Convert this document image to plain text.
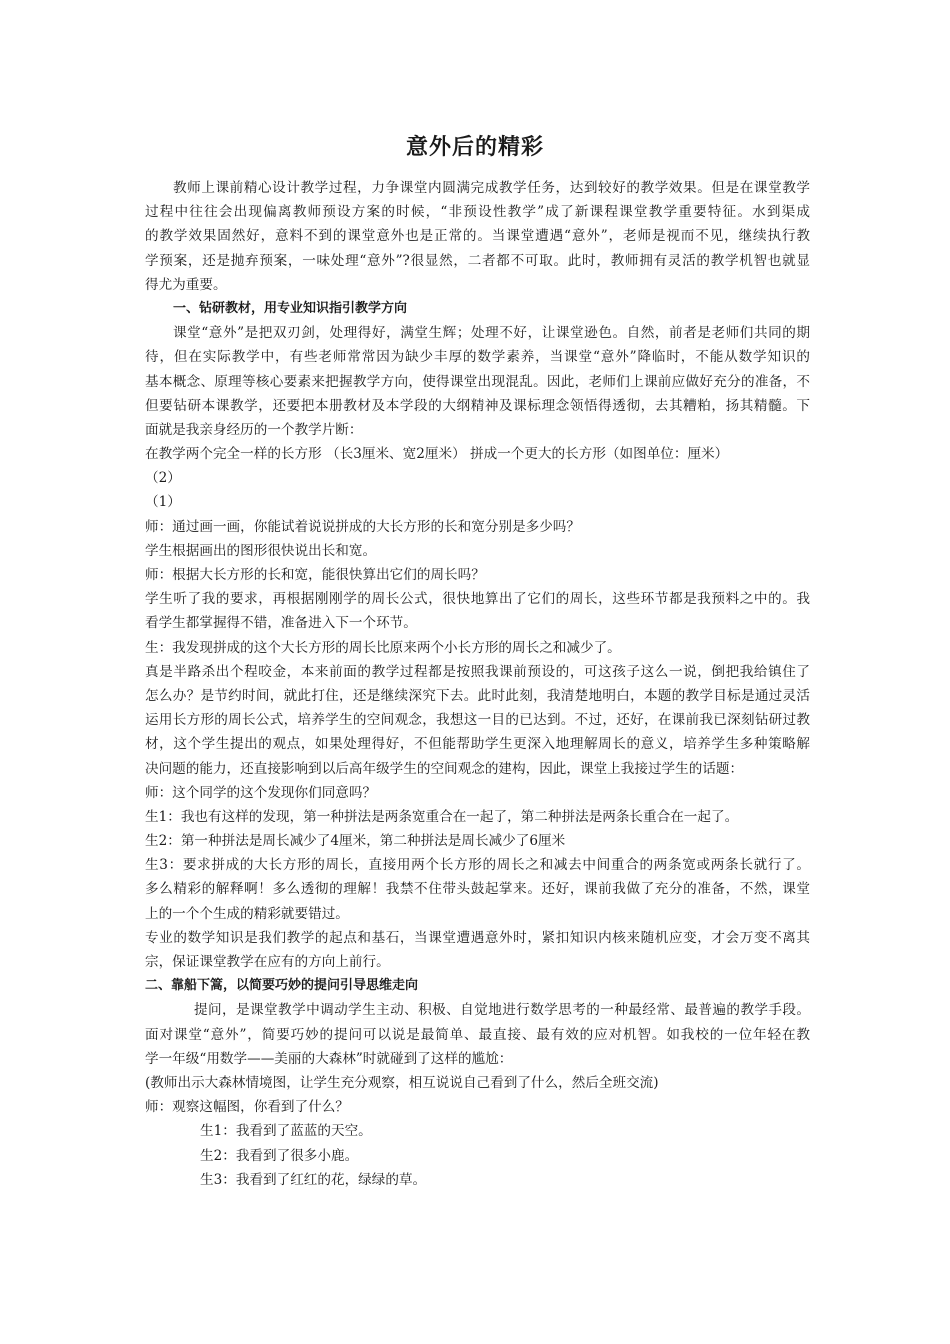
意外后的精彩
教师上课前精心设计教学过程，力争课堂内圆满完成教学任务，达到较好的教学效果。但是在课堂教学
过程中往往会出现偏离教师预设方案的时候，“非预设性教学”成了新课程课堂教学重要特征。水到渠成
的教学效果固然好，意料不到的课堂意外也是正常的。当课堂遭遇“意外”，老师是视而不见，继续执行教
学预案，还是抛弃预案，一味处理“意外”?很显然，二者都不可取。此时，教师拥有灵活的教学机智也就显
得尤为重要。
一、钻研教材，用专业知识指引教学方向
课堂“意外”是把双刃剑，处理得好，满堂生辉；处理不好，让课堂逊色。自然，前者是老师们共同的期
待，但在实际教学中，有些老师常常因为缺少丰厚的数学素养，当课堂“意外”降临时，不能从数学知识的
基本概念、原理等核心要素来把握教学方向，使得课堂出现混乱。因此，老师们上课前应做好充分的准备，不
但要钻研本课教学，还要把本册教材及本学段的大纲精神及课标理念领悟得透彻，去其糟粕，扬其精髓。下
面就是我亲身经历的一个教学片断：
在教学两个完全一样的长方形 （长3厘米、宽2厘米） 拼成一个更大的长方形（如图单位：厘米）
（2）
（1）
师：通过画一画，你能试着说说拼成的大长方形的长和宽分别是多少吗？
学生根据画出的图形很快说出长和宽。
师：根据大长方形的长和宽，能很快算出它们的周长吗？
学生听了我的要求，再根据刚刚学的周长公式，很快地算出了它们的周长，这些环节都是我预料之中的。我
看学生都掌握得不错，准备进入下一个环节。
生：我发现拼成的这个大长方形的周长比原来两个小长方形的周长之和减少了。
真是半路杀出个程咬金，本来前面的教学过程都是按照我课前预设的，可这孩子这么一说，倒把我给镇住了
怎么办？是节约时间，就此打住，还是继续深究下去。此时此刻，我清楚地明白，本题的教学目标是通过灵活
运用长方形的周长公式，培养学生的空间观念，我想这一目的已达到。不过，还好，在课前我已深刻钻研过教
材，这个学生提出的观点，如果处理得好，不但能帮助学生更深入地理解周长的意义，培养学生多种策略解
决问题的能力，还直接影响到以后高年级学生的空间观念的建构，因此，课堂上我接过学生的话题：
师：这个同学的这个发现你们同意吗？
生1：我也有这样的发现，第一种拼法是两条宽重合在一起了，第二种拼法是两条长重合在一起了。
生2：第一种拼法是周长减少了4厘米，第二种拼法是周长减少了6厘米
生3：要求拼成的大长方形的周长，直接用两个长方形的周长之和减去中间重合的两条宽或两条长就行了。
多么精彩的解释啊！多么透彻的理解！我禁不住带头鼓起掌来。还好，课前我做了充分的准备，不然，课堂
上的一个个生成的精彩就要错过。
专业的数学知识是我们教学的起点和基石，当课堂遭遇意外时，紧扣知识内核来随机应变，才会万变不离其
宗，保证课堂教学在应有的方向上前行。
二、靠船下篙，以简要巧妙的提问引导思维走向
提问，是课堂教学中调动学生主动、积极、自觉地进行数学思考的一种最经常、最普遍的教学手段。
面对课堂“意外”，简要巧妙的提问可以说是最简单、最直接、最有效的应对机智。如我校的一位年轻在教
学一年级“用数学——美丽的大森林”时就碰到了这样的尴尬：
(教师出示大森林情境图，让学生充分观察，相互说说自己看到了什么，然后全班交流)
师：观察这幅图，你看到了什么？
生1：我看到了蓝蓝的天空。
生2：我看到了很多小鹿。
生3：我看到了红红的花，绿绿的草。
